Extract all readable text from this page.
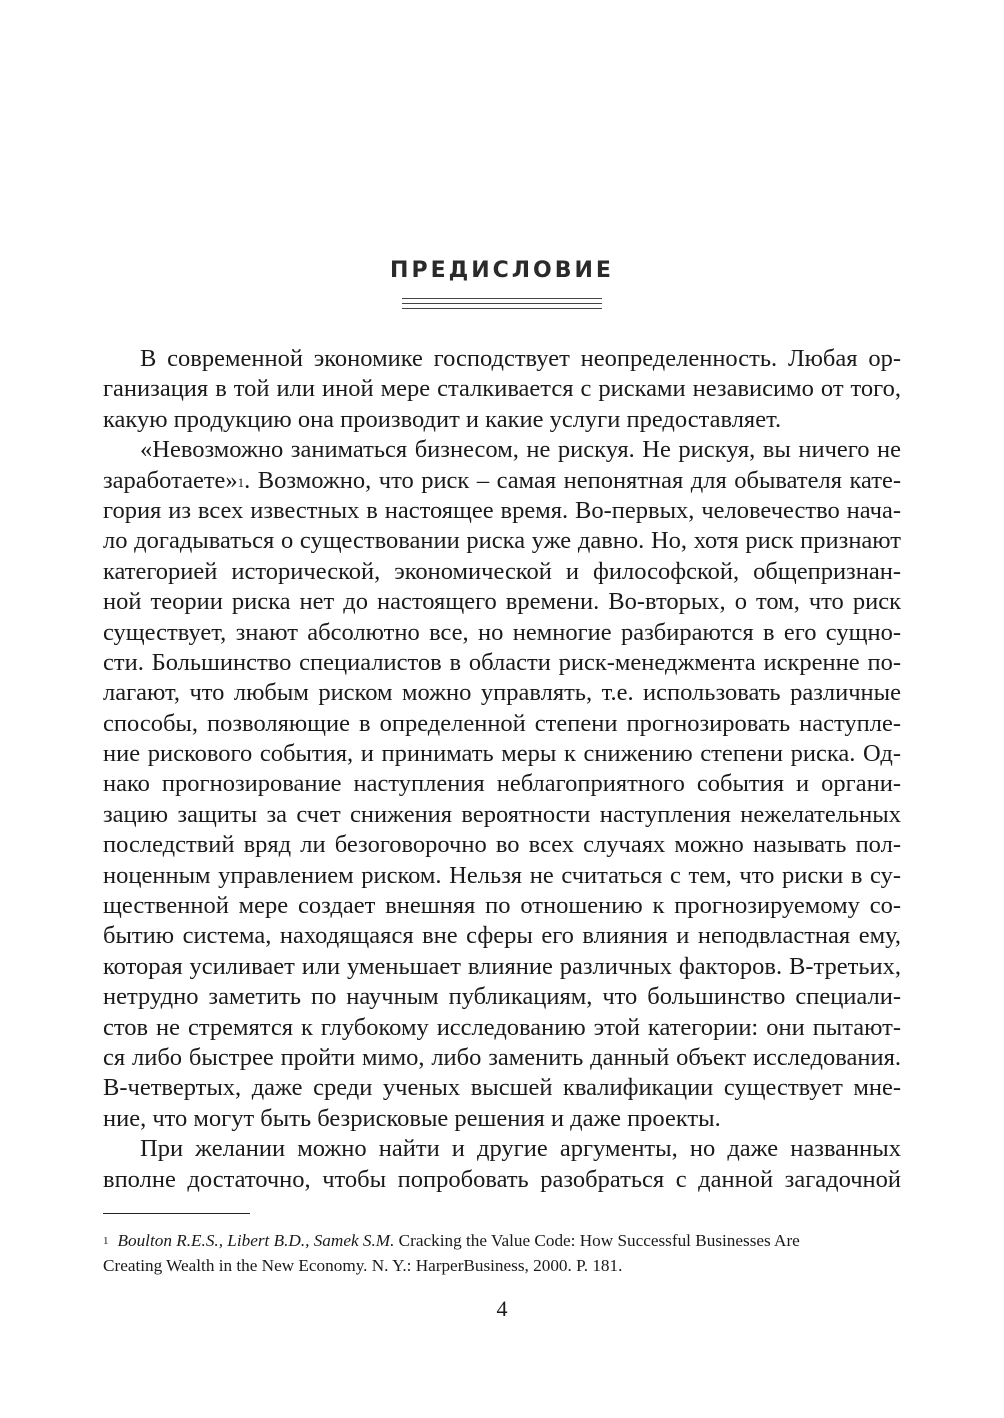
ПРЕДИСЛОВИЕ
В современной экономике господствует неопределенность. Любая ор-
ганизация в той или иной мере сталкивается с рисками независимо от того,
какую продукцию она производит и какие услуги предоставляет.
«Невозможно заниматься бизнесом, не рискуя. Не рискуя, вы ничего не
заработаете»$^1$. Возможно, что риск – самая непонятная для обывателя кате-
гория из всех известных в настоящее время. Во-первых, человечество нача-
ло догадываться о существовании риска уже давно. Но, хотя риск признают
категорией исторической, экономической и философской, общепризнан-
ной теории риска нет до настоящего времени. Во-вторых, о том, что риск
существует, знают абсолютно все, но немногие разбираются в его сущно-
сти. Большинство специалистов в области риск-менеджмента искренне по-
лагают, что любым риском можно управлять, т.е. использовать различные
способы, позволяющие в определенной степени прогнозировать наступле-
ние рискового события, и принимать меры к снижению степени риска. Од-
нако прогнозирование наступления неблагоприятного события и органи-
зацию защиты за счет снижения вероятности наступления нежелательных
последствий вряд ли безоговорочно во всех случаях можно называть пол-
ноценным управлением риском. Нельзя не считаться с тем, что риски в су-
щественной мере создает внешняя по отношению к прогнозируемому со-
бытию система, находящаяся вне сферы его влияния и неподвластная ему,
которая усиливает или уменьшает влияние различных факторов. В-третьих,
нетрудно заметить по научным публикациям, что большинство специали-
стов не стремятся к глубокому исследованию этой категории: они пытают-
ся либо быстрее пройти мимо, либо заменить данный объект исследования.
В-четвертых, даже среди ученых высшей квалификации существует мне-
ние, что могут быть безрисковые решения и даже проекты.
При желании можно найти и другие аргументы, но даже названных
вполне достаточно, чтобы попробовать разобраться с данной загадочной
$^1$ Boulton R.E.S., Libert B.D., Samek S.M. Cracking the Value Code: How Successful Businesses Are
Creating Wealth in the New Economy. N. Y.: HarperBusiness, 2000. P. 181.
4
